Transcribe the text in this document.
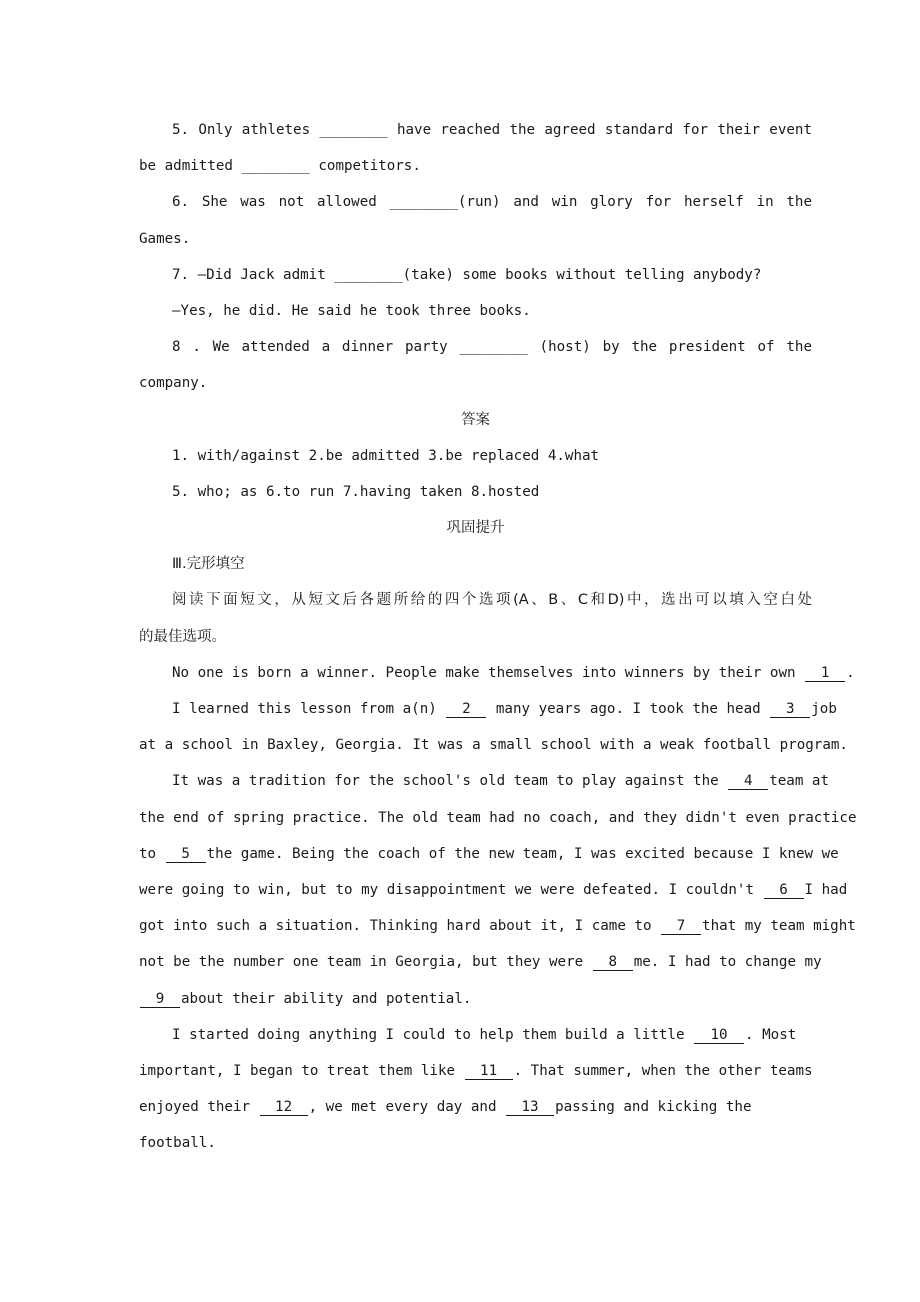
5. Only athletes ________ have reached the agreed standard for their event
be admitted ________ competitors.
6. She was not allowed ________(run) and win glory for herself in the
Games.
7. —Did Jack admit ________(take) some books without telling anybody?
—Yes, he did. He said he took three books.
8 . We attended a dinner party ________ (host) by the president of the
company.
答案
1. with/against 2.be admitted 3.be replaced 4.what
5. who; as 6.to run 7.having taken 8.hosted
巩固提升
Ⅲ.完形填空
阅读下面短文，从短文后各题所给的四个选项(A、B、C和D)中，选出可以填入空白处
的最佳选项。
No one is born a winner. People make themselves into winners by their own 1 .
I learned this lesson from a(n) 2 many years ago. I took the head 3 job
at a school in Baxley, Georgia. It was a small school with a weak football program.
It was a tradition for the school's old team to play against the 4 team at
the end of spring practice. The old team had no coach, and they didn't even practice
to 5 the game. Being the coach of the new team, I was excited because I knew we
were going to win, but to my disappointment we were defeated. I couldn't 6 I had
got into such a situation. Thinking hard about it, I came to 7 that my team might
not be the number one team in Georgia, but they were 8 me. I had to change my
9 about their ability and potential.
I started doing anything I could to help them build a little 10 . Most
important, I began to treat them like 11 . That summer, when the other teams
enjoyed their 12 , we met every day and 13 passing and kicking the
football.
